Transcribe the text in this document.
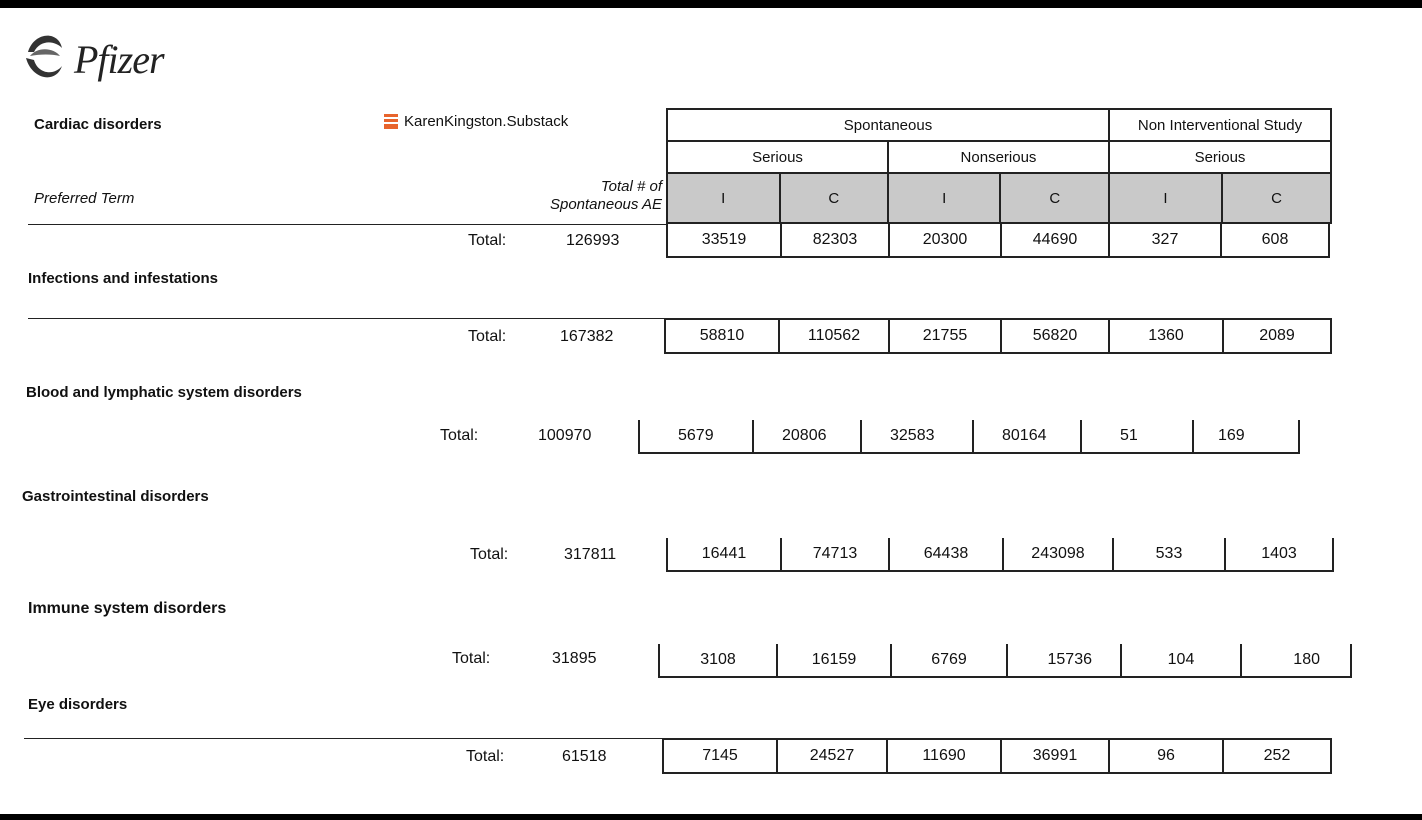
Pfizer
Cardiac disorders	KarenKingston.Substack
Preferred Term
Total # of
Spontaneous AE
Spontaneous				Non Interventional Study	
Serious		Nonserious		Serious	
I	C	I	C	I	C
Total:	126993	33519	82303	20300	44690	327	608
Infections and infestations
Total:	167382	58810	110562	21755	56820	1360	2089
Blood and lymphatic system disorders
Total:	100970	5679	20806	32583	80164	51	169
Gastrointestinal disorders
Total:	317811	16441	74713	64438	243098	533	1403
Immune system disorders
Total:	31895	3108	16159	6769	15736	104	180
Eye disorders
Total:	61518	7145	24527	11690	36991	96	252
